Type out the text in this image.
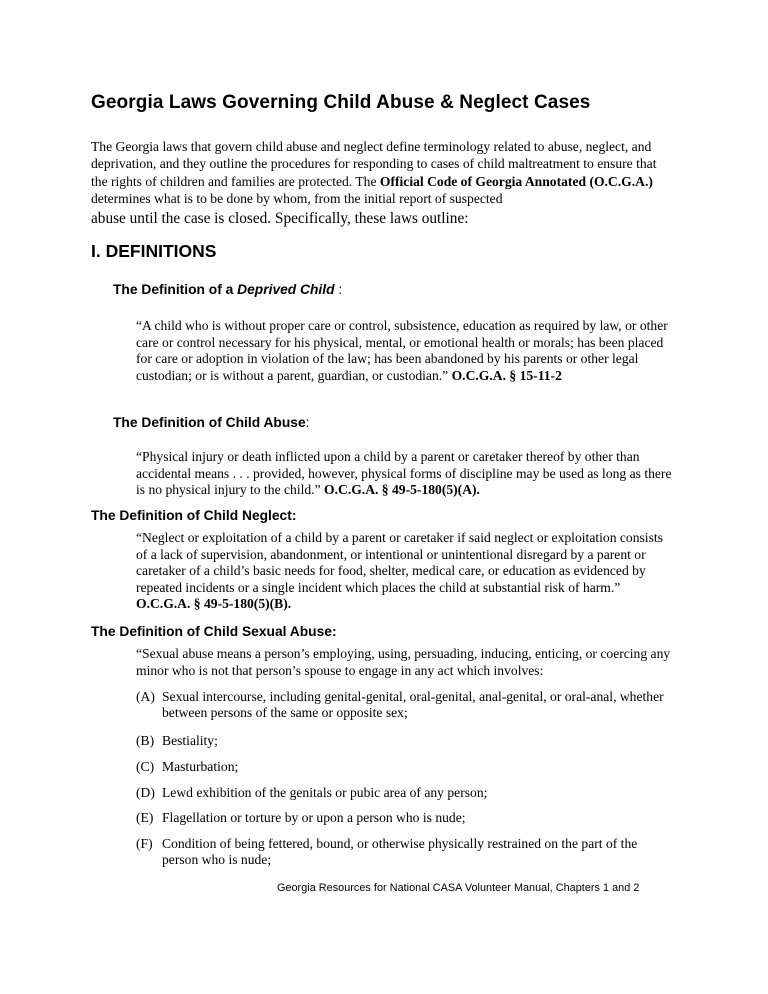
Georgia Laws Governing Child Abuse & Neglect Cases
The Georgia laws that govern child abuse and neglect define terminology related to abuse, neglect, and deprivation, and they outline the procedures for responding to cases of child maltreatment to ensure that the rights of children and families are protected. The Official Code of Georgia Annotated (O.C.G.A.) determines what is to be done by whom, from the initial report of suspected
abuse until the case is closed. Specifically, these laws outline:
I. DEFINITIONS
The Definition of a Deprived Child :
“A child who is without proper care or control, subsistence, education as required by law, or other care or control necessary for his physical, mental, or emotional health or morals; has been placed for care or adoption in violation of the law; has been abandoned by his parents or other legal custodian; or is without a parent, guardian, or custodian.” O.C.G.A. § 15-11-2
The Definition of Child Abuse:
“Physical injury or death inflicted upon a child by a parent or caretaker thereof by other than accidental means . . . provided, however, physical forms of discipline may be used as long as there is no physical injury to the child.” O.C.G.A. § 49-5-180(5)(A).
The Definition of Child Neglect:
“Neglect or exploitation of a child by a parent or caretaker if said neglect or exploitation consists of a lack of supervision, abandonment, or intentional or unintentional disregard by a parent or caretaker of a child’s basic needs for food, shelter, medical care, or education as evidenced by repeated incidents or a single incident which places the child at substantial risk of harm.” O.C.G.A. § 49-5-180(5)(B).
The Definition of Child Sexual Abuse:
“Sexual abuse means a person’s employing, using, persuading, inducing, enticing, or coercing any minor who is not that person’s spouse to engage in any act which involves:
(A) Sexual intercourse, including genital-genital, oral-genital, anal-genital, or oral-anal, whether between persons of the same or opposite sex;
(B) Bestiality;
(C) Masturbation;
(D) Lewd exhibition of the genitals or pubic area of any person;
(E) Flagellation or torture by or upon a person who is nude;
(F) Condition of being fettered, bound, or otherwise physically restrained on the part of the person who is nude;
Georgia Resources for National CASA Volunteer Manual, Chapters 1 and 2
